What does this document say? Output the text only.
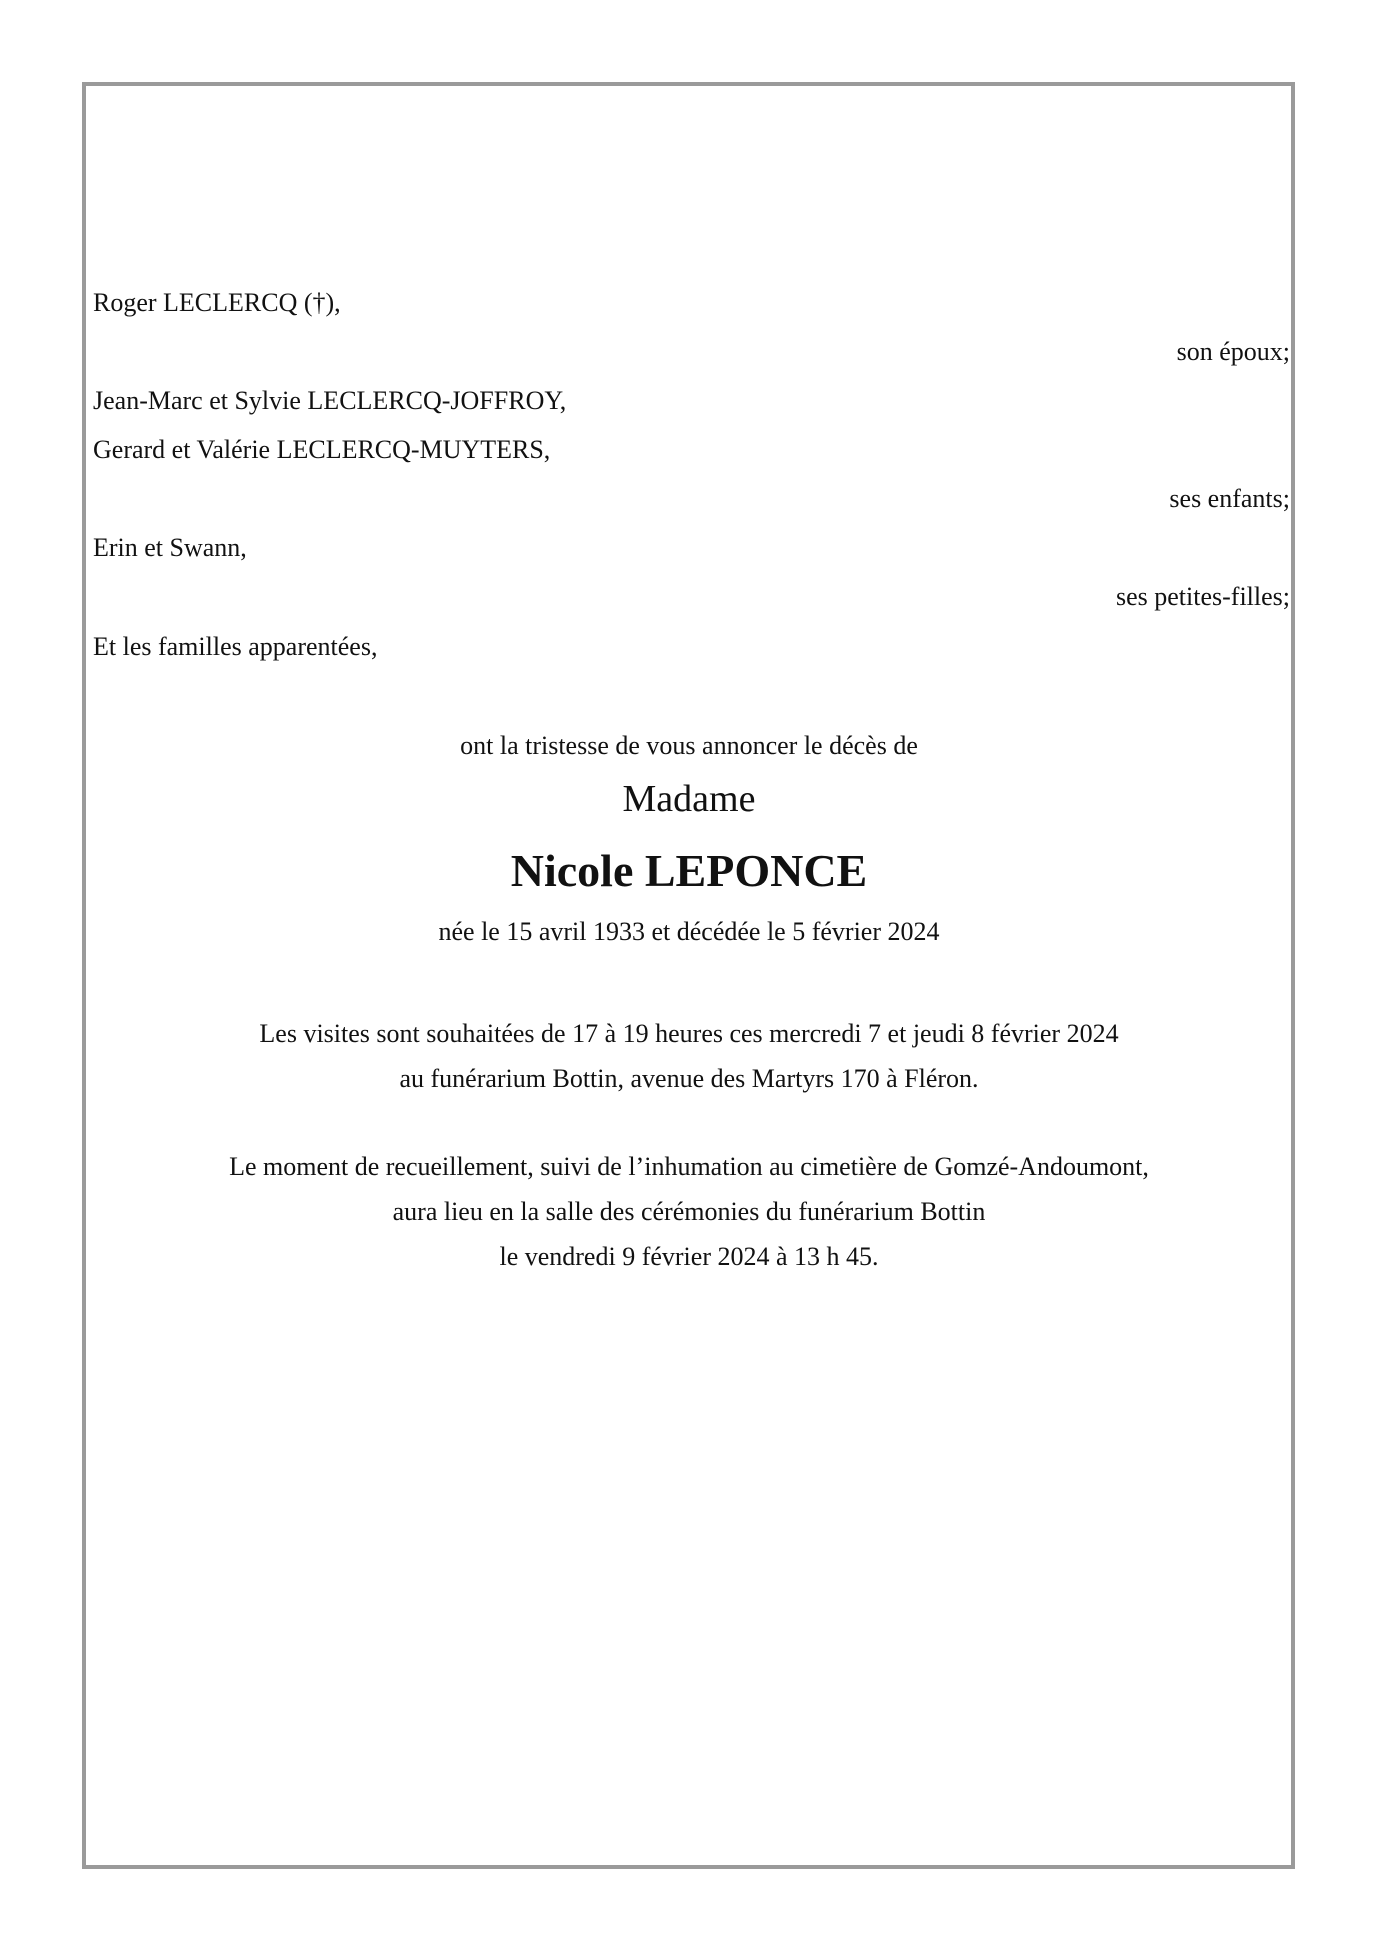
Roger LECLERCQ (†),
son époux;
Jean-Marc et Sylvie LECLERCQ-JOFFROY,
Gerard et Valérie LECLERCQ-MUYTERS,
ses enfants;
Erin et Swann,
ses petites-filles;
Et les familles apparentées,
ont la tristesse de vous annoncer le décès de
Madame
Nicole LEPONCE
née le 15 avril 1933 et décédée le 5 février 2024
Les visites sont souhaitées de 17 à 19 heures ces mercredi 7 et jeudi 8 février 2024
au funérarium Bottin, avenue des Martyrs 170 à Fléron.
Le moment de recueillement, suivi de l’inhumation au cimetière de Gomzé-Andoumont,
aura lieu en la salle des cérémonies du funérarium Bottin
le vendredi 9 février 2024 à 13 h 45.
